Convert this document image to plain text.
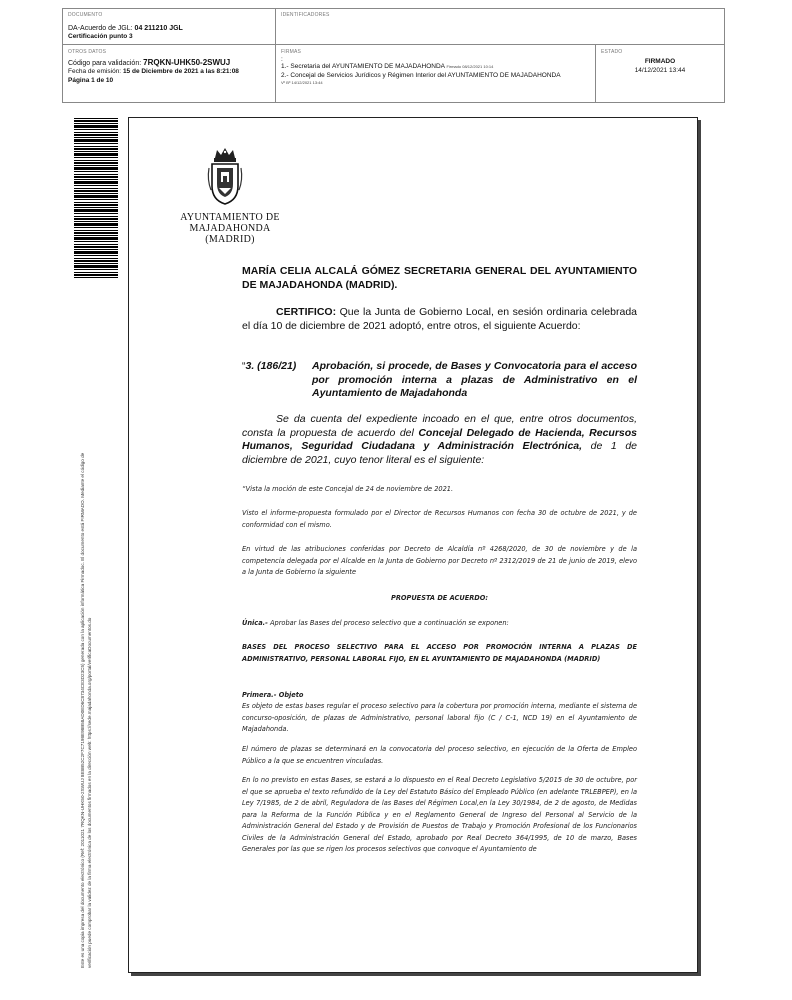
DOCUMENTO
DA-Acuerdo de JGL: 04 211210 JGL
Certificación punto 3
IDENTIFICADORES
OTROS DATOS
Código para validación: 7RQKN-UHK50-2SWUJ
Fecha de emisión: 15 de Diciembre de 2021 a las 8:21:08
Página 1 de 10
FIRMAS
:
1.- Secretaria del AYUNTAMIENTO DE MAJADAHONDA Firmado 08/12/2021 10:14
2.- Concejal de Servicios Jurídicos y Régimen Interior del AYUNTAMIENTO DE MAJADAHONDA
Vº Bº 14/12/2021 13:44
ESTADO
FIRMADO
14/12/2021 13:44
Este es una copia impresa del documento electrónico (Ref: 2011021 7RQKN-UHK50-2SWUJ 8E8B52C2F7C7198E98B58AD0ED6C8734CE3D23C5) generada con la aplicación informática Firmadoc. El documento está FIRMADO. Mediante el código de verificación puede comprobar la validez de la firma electrónica de los documentos firmados en la dirección web: https://sede.majadahonda.org/portal/verificaDocumentos.do
AYUNTAMIENTO DE
MAJADAHONDA
(MADRID)
MARÍA CELIA ALCALÁ GÓMEZ SECRETARIA GENERAL DEL AYUNTAMIENTO DE MAJADAHONDA (MADRID).
CERTIFICO: Que la Junta de Gobierno Local, en sesión ordinaria celebrada el día 10 de diciembre de 2021 adoptó, entre otros, el siguiente Acuerdo:
“3. (186/21) Aprobación, si procede, de Bases y Convocatoria para el acceso por promoción interna a plazas de Administrativo en el Ayuntamiento de Majadahonda
Se da cuenta del expediente incoado en el que, entre otros documentos, consta la propuesta de acuerdo del Concejal Delegado de Hacienda, Recursos Humanos, Seguridad Ciudadana y Administración Electrónica, de 1 de diciembre de 2021, cuyo tenor literal es el siguiente:
“Vista la moción de este Concejal de 24 de noviembre de 2021.
Visto el informe-propuesta formulado por el Director de Recursos Humanos con fecha 30 de octubre de 2021, y de conformidad con el mismo.
En virtud de las atribuciones conferidas por Decreto de Alcaldía nº 4268/2020, de 30 de noviembre y de la competencia delegada por el Alcalde en la Junta de Gobierno por Decreto nº 2312/2019 de 21 de junio de 2019, elevo a la Junta de Gobierno la siguiente
PROPUESTA DE ACUERDO:
Única.- Aprobar las Bases del proceso selectivo que a continuación se exponen:
BASES DEL PROCESO SELECTIVO PARA EL ACCESO POR PROMOCIÓN INTERNA A PLAZAS DE ADMINISTRATIVO, PERSONAL LABORAL FIJO, EN EL AYUNTAMIENTO DE MAJADAHONDA (MADRID)
Primera.- Objeto
Es objeto de estas bases regular el proceso selectivo para la cobertura por promoción interna, mediante el sistema de concurso-oposición, de plazas de Administrativo, personal laboral fijo (C / C-1, NCD 19) en el Ayuntamiento de Majadahonda.
El número de plazas se determinará en la convocatoria del proceso selectivo, en ejecución de la Oferta de Empleo Público a la que se encuentren vinculadas.
En lo no previsto en estas Bases, se estará a lo dispuesto en el Real Decreto Legislativo 5/2015 de 30 de octubre, por el que se aprueba el texto refundido de la Ley del Estatuto Básico del Empleado Público (en adelante TRLEBPEP), en la Ley 7/1985, de 2 de abril, Reguladora de las Bases del Régimen Local,en la Ley 30/1984, de 2 de agosto, de Medidas para la Reforma de la Función Pública y en el Reglamento General de Ingreso del Personal al Servicio de la Administración General del Estado y de Provisión de Puestos de Trabajo y Promoción Profesional de los Funcionarios Civiles de la Administración General del Estado, aprobado por Real Decreto 364/1995, de 10 de marzo, Bases Generales por las que se rigen los procesos selectivos que convoque el Ayuntamiento de
